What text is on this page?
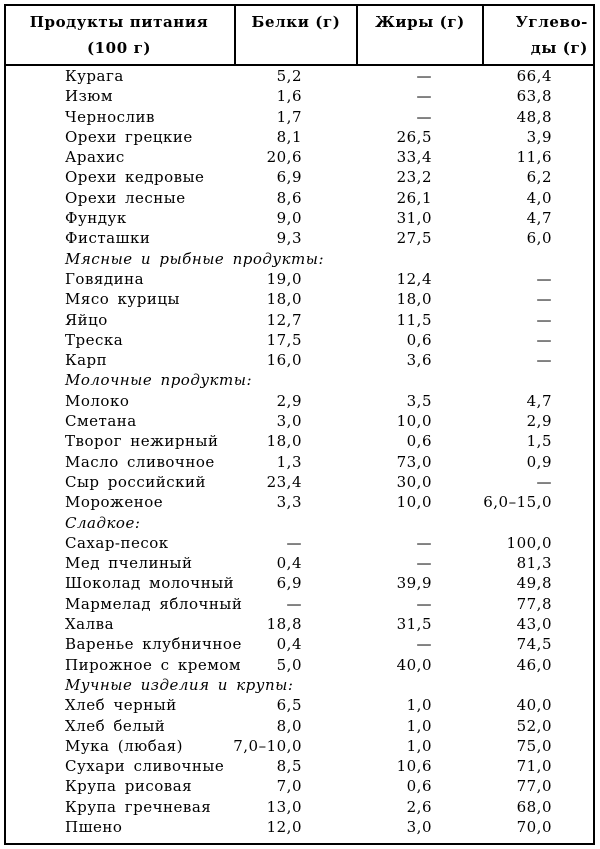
Продукты питания
(100 г)
Белки (г)	Жиры (г)	Углево-
ды (г)
Курага	5,2	—	66,4
Изюм	1,6	—	63,8
Чернослив	1,7	—	48,8
Орехи грецкие	8,1	26,5	3,9
Арахис	20,6	33,4	11,6
Орехи кедровые	6,9	23,2	6,2
Орехи лесные	8,6	26,1	4,0
Фундук	9,0	31,0	4,7
Фисташки	9,3	27,5	6,0
Мясные и рыбные продукты:
Говядина	19,0	12,4	—
Мясо курицы	18,0	18,0	—
Яйцо	12,7	11,5	—
Треска	17,5	0,6	—
Карп	16,0	3,6	—
Молочные продукты:
Молоко	2,9	3,5	4,7
Сметана	3,0	10,0	2,9
Творог нежирный	18,0	0,6	1,5
Масло сливочное	1,3	73,0	0,9
Сыр российский	23,4	30,0	—
Мороженое	3,3	10,0	6,0–15,0
Сладкое:
Сахар-песок	—	—	100,0
Мед пчелиный	0,4	—	81,3
Шоколад молочный	6,9	39,9	49,8
Мармелад яблочный	—	—	77,8
Халва	18,8	31,5	43,0
Варенье клубничное 0,4	—	74,5
Пирожное с кремом 5,0	40,0	46,0
Мучные изделия и крупы:
Хлеб черный	6,5	1,0	40,0
Хлеб белый	8,0	1,0	52,0
Мука (любая)	7,0–10,0	1,0	75,0
Сухари сливочные	8,5	10,6	71,0
Крупа рисовая	7,0	0,6	77,0
Крупа гречневая	13,0	2,6	68,0
Пшено	12,0	3,0	70,0
